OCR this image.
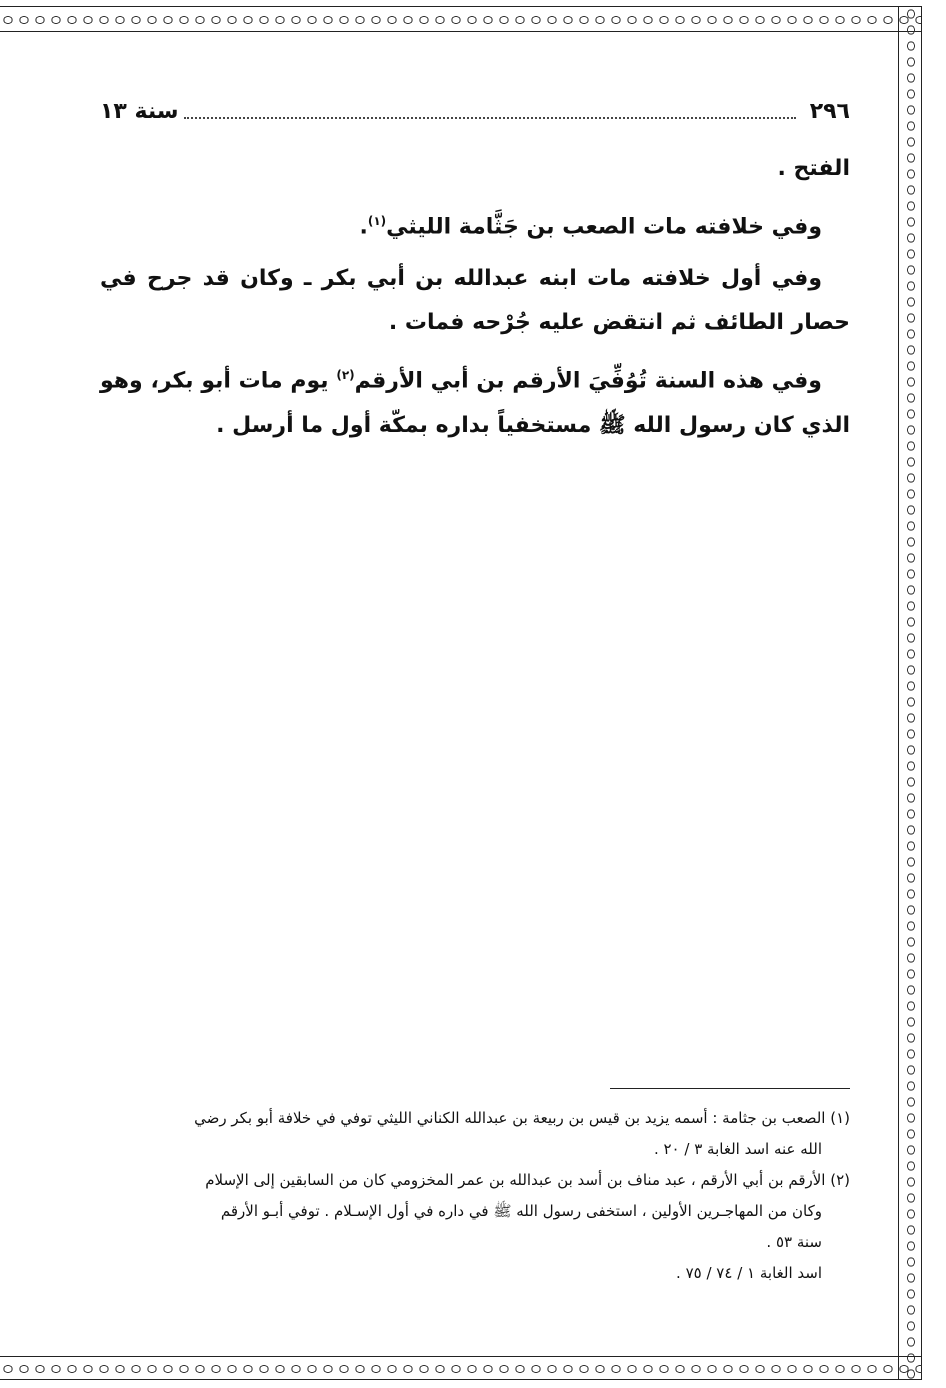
٢٩٦
سنة ١٣

الفتح .

وفي خلافته مات الصعب بن جَثَّامة الليثي$^{(١)}$.

وفي أول خلافته مات ابنه عبدالله بن أبي بكر ـ وكان قد جرح في حصار الطائف ثم انتقض عليه جُرْحه فمات .

وفي هذه السنة تُوُفِّيَ الأرقم بن أبي الأرقم$^{(٢)}$ يوم مات أبو بكر، وهو الذي كان رسول الله ﷺ مستخفياً بداره بمكّة أول ما أرسل .

(١) الصعب بن جثامة : أسمه يزيد بن قيس بن ربيعة بن عبدالله الكناني الليثي توفي في خلافة أبو بكر رضي

الله عنه اسد الغابة ٣ / ٢٠ .

(٢) الأرقم بن أبي الأرقم ، عبد مناف بن أسد بن عبدالله بن عمر المخزومي كان من السابقين إلى الإسلام

وكان من المهاجـرين الأولين ، استخفى رسول الله ﷺ في داره في أول الإسـلام . توفي أبـو الأرقم

سنة ٥٣ .

اسد الغابة ١ / ٧٤ / ٧٥ .
